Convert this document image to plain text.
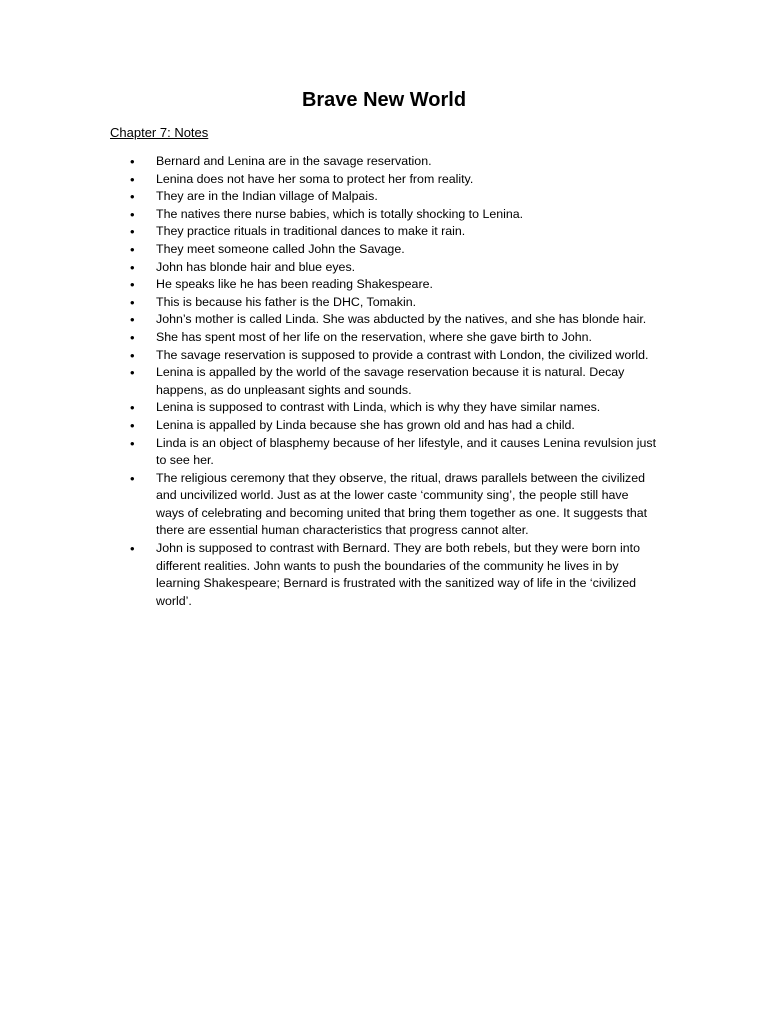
Brave New World
Chapter 7: Notes
• Bernard and Lenina are in the savage reservation.
• Lenina does not have her soma to protect her from reality.
• They are in the Indian village of Malpais.
• The natives there nurse babies, which is totally shocking to Lenina.
• They practice rituals in traditional dances to make it rain.
• They meet someone called John the Savage.
• John has blonde hair and blue eyes.
• He speaks like he has been reading Shakespeare.
• This is because his father is the DHC, Tomakin.
• John’s mother is called Linda. She was abducted by the natives, and she has blonde hair.
• She has spent most of her life on the reservation, where she gave birth to John.
• The savage reservation is supposed to provide a contrast with London, the civilized world.
• Lenina is appalled by the world of the savage reservation because it is natural. Decay happens, as do unpleasant sights and sounds.
• Lenina is supposed to contrast with Linda, which is why they have similar names.
• Lenina is appalled by Linda because she has grown old and has had a child.
• Linda is an object of blasphemy because of her lifestyle, and it causes Lenina revulsion just to see her.
• The religious ceremony that they observe, the ritual, draws parallels between the civilized and uncivilized world. Just as at the lower caste ‘community sing’, the people still have ways of celebrating and becoming united that bring them together as one. It suggests that there are essential human characteristics that progress cannot alter.
• John is supposed to contrast with Bernard. They are both rebels, but they were born into different realities. John wants to push the boundaries of the community he lives in by learning Shakespeare; Bernard is frustrated with the sanitized way of life in the ‘civilized world’.
